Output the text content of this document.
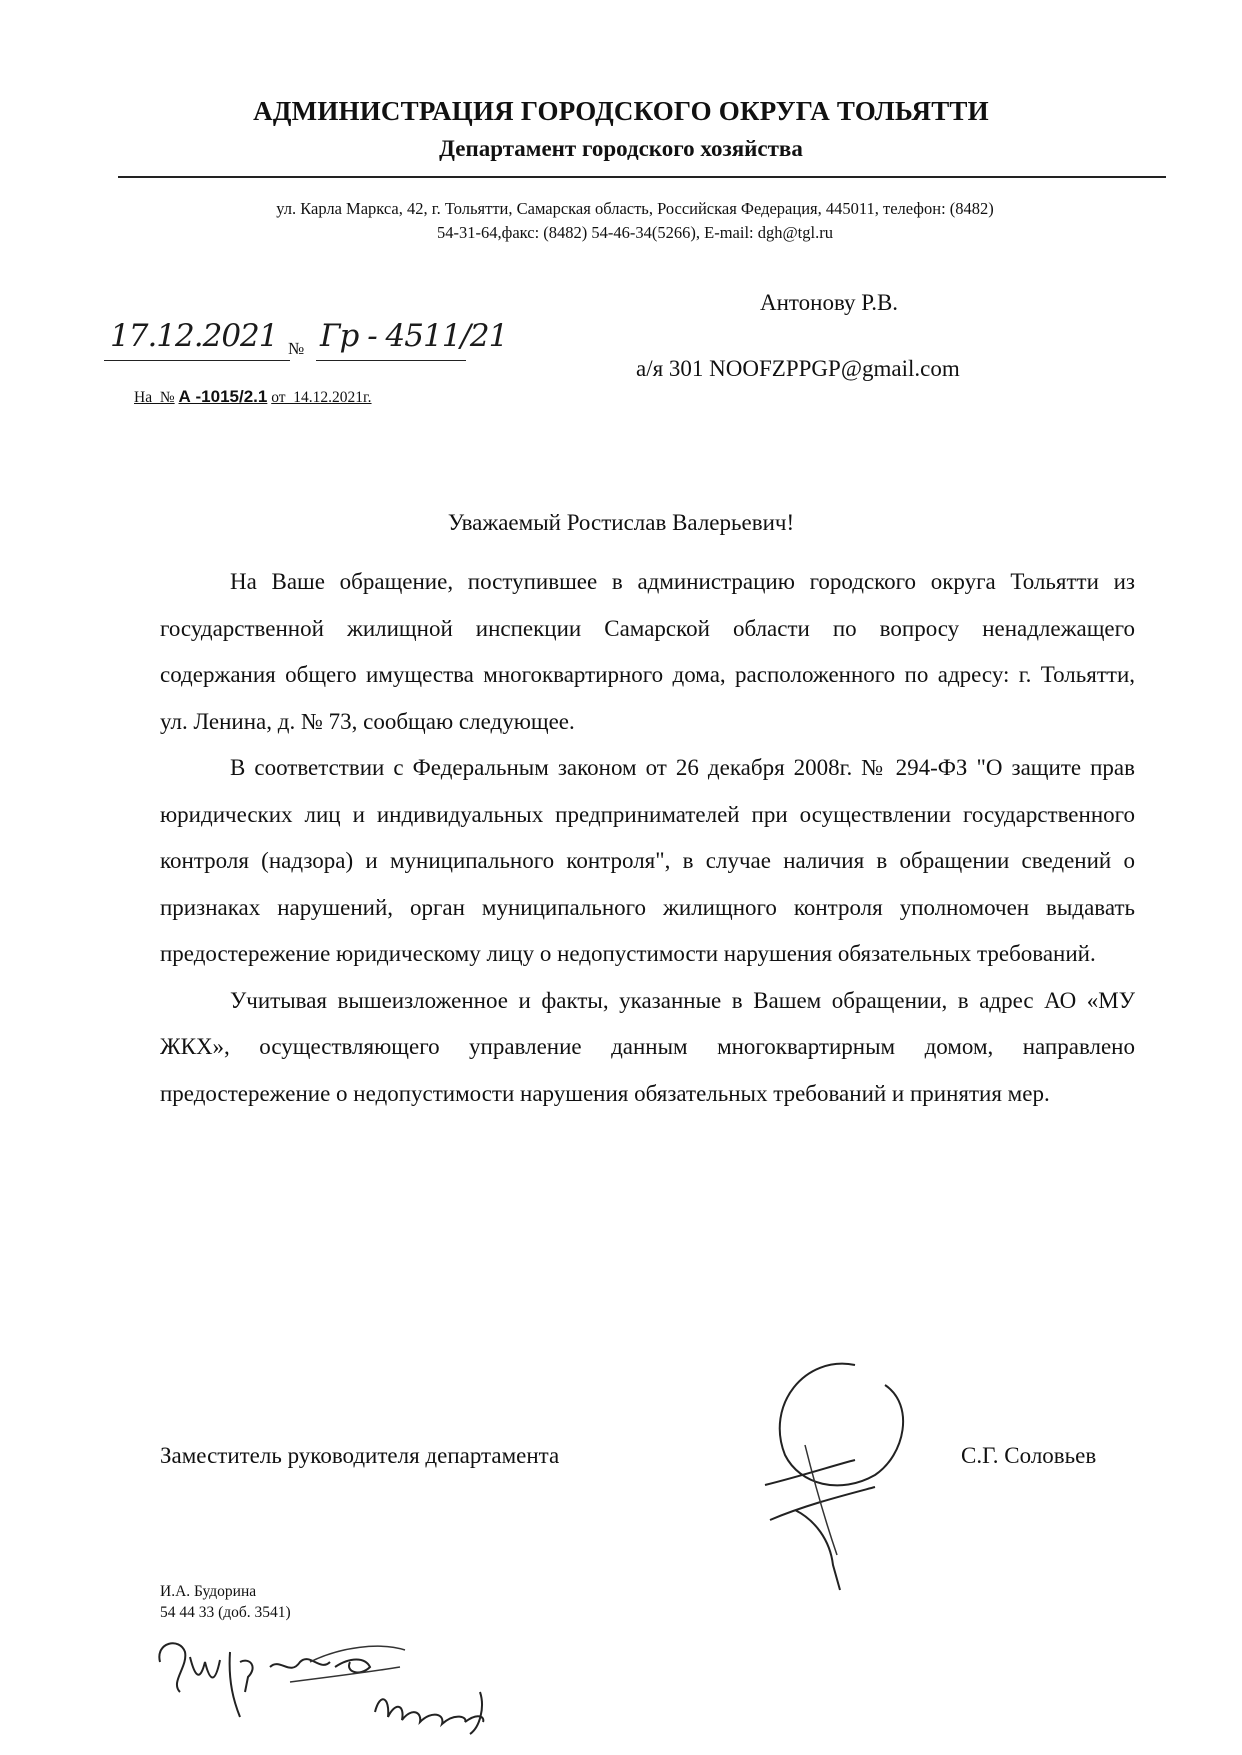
АДМИНИСТРАЦИЯ ГОРОДСКОГО ОКРУГА ТОЛЬЯТТИ
Департамент городского хозяйства
ул. Карла Маркса, 42, г. Тольятти, Самарская область, Российская Федерация, 445011, телефон: (8482)
54-31-64,факс: (8482) 54-46-34(5266), E-mail: dgh@tgl.ru
17.12.2021 № Гр - 4511/21
На  № А -1015/2.1 от  14.12.2021г.
Антонову Р.В.
а/я 301 NOOFZPPGP@gmail.com
Уважаемый Ростислав Валерьевич!

На Ваше обращение, поступившее в администрацию городского округа Тольятти из государственной жилищной инспекции Самарской области по вопросу ненадлежащего содержания общего имущества многоквартирного дома, расположенного по адресу: г. Тольятти, ул. Ленина, д. № 73, сообщаю следующее.

В соответствии с Федеральным законом от 26 декабря 2008г. № 294-ФЗ "О защите прав юридических лиц и индивидуальных предпринимателей при осуществлении государственного контроля (надзора) и муниципального контроля", в случае наличия в обращении сведений о признаках нарушений, орган муниципального жилищного контроля уполномочен выдавать предостережение юридическому лицу о недопустимости нарушения обязательных требований.

Учитывая вышеизложенное и факты, указанные в Вашем обращении, в адрес АО «МУ ЖКХ», осуществляющего управление данным многоквартирным домом, направлено предостережение о недопустимости нарушения обязательных требований и принятия мер.

Заместитель руководителя департамента	С.Г. Соловьев
И.А. Будорина
54 44 33 (доб. 3541)
